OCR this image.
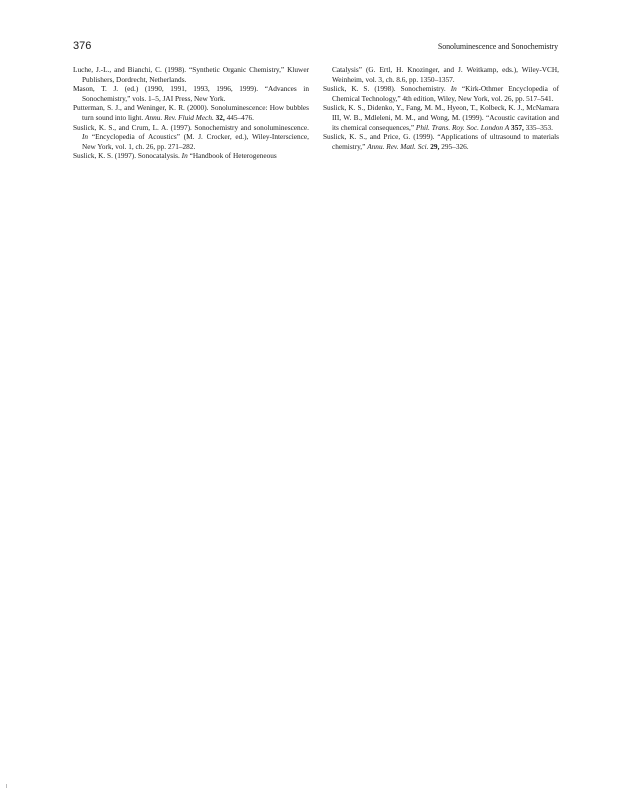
376	Sonoluminescence and Sonochemistry

Luche, J.-L., and Bianchi, C. (1998). “Synthetic Organic Chemistry,” Kluwer Publishers, Dordrecht, Netherlands.

Mason, T. J. (ed.) (1990, 1991, 1993, 1996, 1999). “Advances in Sonochemistry,” vols. 1–5, JAI Press, New York.

Putterman, S. J., and Weninger, K. R. (2000). Sonoluminescence: How bubbles turn sound into light. Annu. Rev. Fluid Mech. 32, 445–476.

Suslick, K. S., and Crum, L. A. (1997). Sonochemistry and sonoluminescence. In “Encyclopedia of Acoustics” (M. J. Crocker, ed.), Wiley-Interscience, New York, vol. 1, ch. 26, pp. 271–282.

Suslick, K. S. (1997). Sonocatalysis. In “Handbook of Heterogeneous

Catalysis” (G. Ertl, H. Knozinger, and J. Weitkamp, eds.), Wiley-VCH, Weinheim, vol. 3, ch. 8.6, pp. 1350–1357.

Suslick, K. S. (1998). Sonochemistry. In “Kirk-Othmer Encyclopedia of Chemical Technology,” 4th edition, Wiley, New York, vol. 26, pp. 517–541.

Suslick, K. S., Didenko, Y., Fang, M. M., Hyeon, T., Kolbeck, K. J., McNamara III, W. B., Mdleleni, M. M., and Wong, M. (1999). “Acoustic cavitation and its chemical consequences,” Phil. Trans. Roy. Soc. London A 357, 335–353.

Suslick, K. S., and Price, G. (1999). “Applications of ultrasound to materials chemistry,” Annu. Rev. Matl. Sci. 29, 295–326.
